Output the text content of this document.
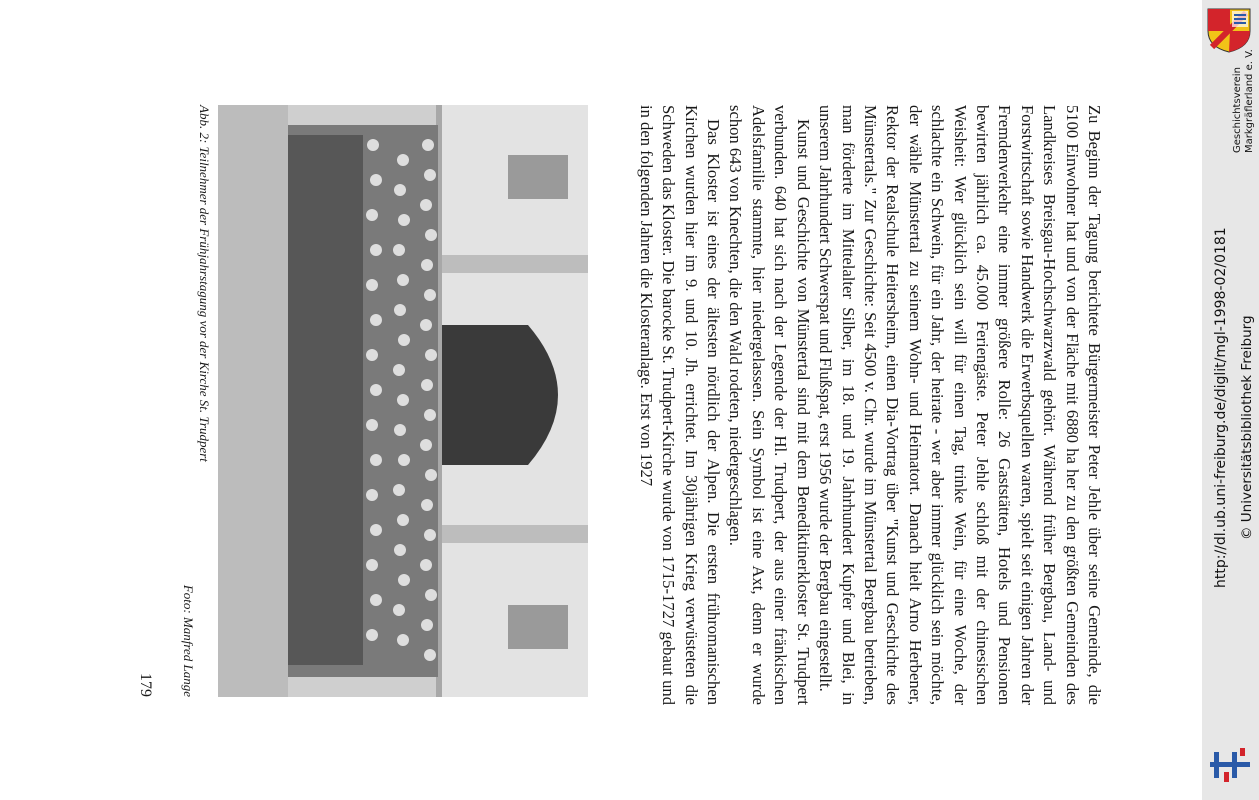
Zu Beginn der Tagung berichtete Bürgermeister Peter Jehle über seine Gemeinde, die 5100 Einwohner hat und von der Fläche mit 6880 ha her zu den größten Gemeinden des Landkreises Breisgau-Hochschwarzwald gehört. Während früher Bergbau, Land- und Forstwirtschaft sowie Handwerk die Erwerbsquellen waren, spielt seit einigen Jahren der Fremdenverkehr eine immer größere Rolle: 26 Gaststätten, Hotels und Pensionen bewirten jährlich ca. 45.000 Feriengäste. Peter Jehle schloß mit der chinesischen Weisheit: Wer glücklich sein will für einen Tag, trinke Wein, für eine Woche, der schlachte ein Schwein, für ein Jahr, der heirate - wer aber immer glücklich sein möchte, der wähle Münstertal zu seinem Wohn- und Heimatort. Danach hielt Arno Herbener, Rektor der Realschule Heitersheim, einen Dia-Vortrag über "Kunst und Geschichte des Münstertals." Zur Geschichte: Seit 4500 v. Chr. wurde im Münstertal Bergbau betrieben, man förderte im Mittelalter Silber, im 18. und 19. Jahrhundert Kupfer und Blei, in unserem Jahrhundert Schwerspat und Flußspat, erst 1956 wurde der Bergbau eingestellt.

Kunst und Geschichte von Münstertal sind mit dem Benediktinerkloster St. Trudpert verbunden. 640 hat sich nach der Legende der Hl. Trudpert, der aus einer fränkischen Adelsfamilie stammte, hier niedergelassen. Sein Symbol ist eine Axt, denn er wurde schon 643 von Knechten, die den Wald rodeten, niedergeschlagen.

Das Kloster ist eines der ältesten nördlich der Alpen. Die ersten frühromanischen Kirchen wurden hier im 9. und 10. Jh. errichtet. Im 30jährigen Krieg verwüsteten die Schweden das Kloster. Die barocke St. Trudpert-Kirche wurde von 1715-1727 gebaut und in den folgenden Jahren die Klosteranlage. Erst von 1927

Abb. 2: Teilnehmer der Frühjahrstagung vor der Kirche St. Trudpert

Foto: Manfred Lange
179
Geschichtsverein Markgräflerland e. V.
http://dl.ub.uni-freiburg.de/diglit/mgl-1998-02/0181 © Universitätsbibliothek Freiburg
